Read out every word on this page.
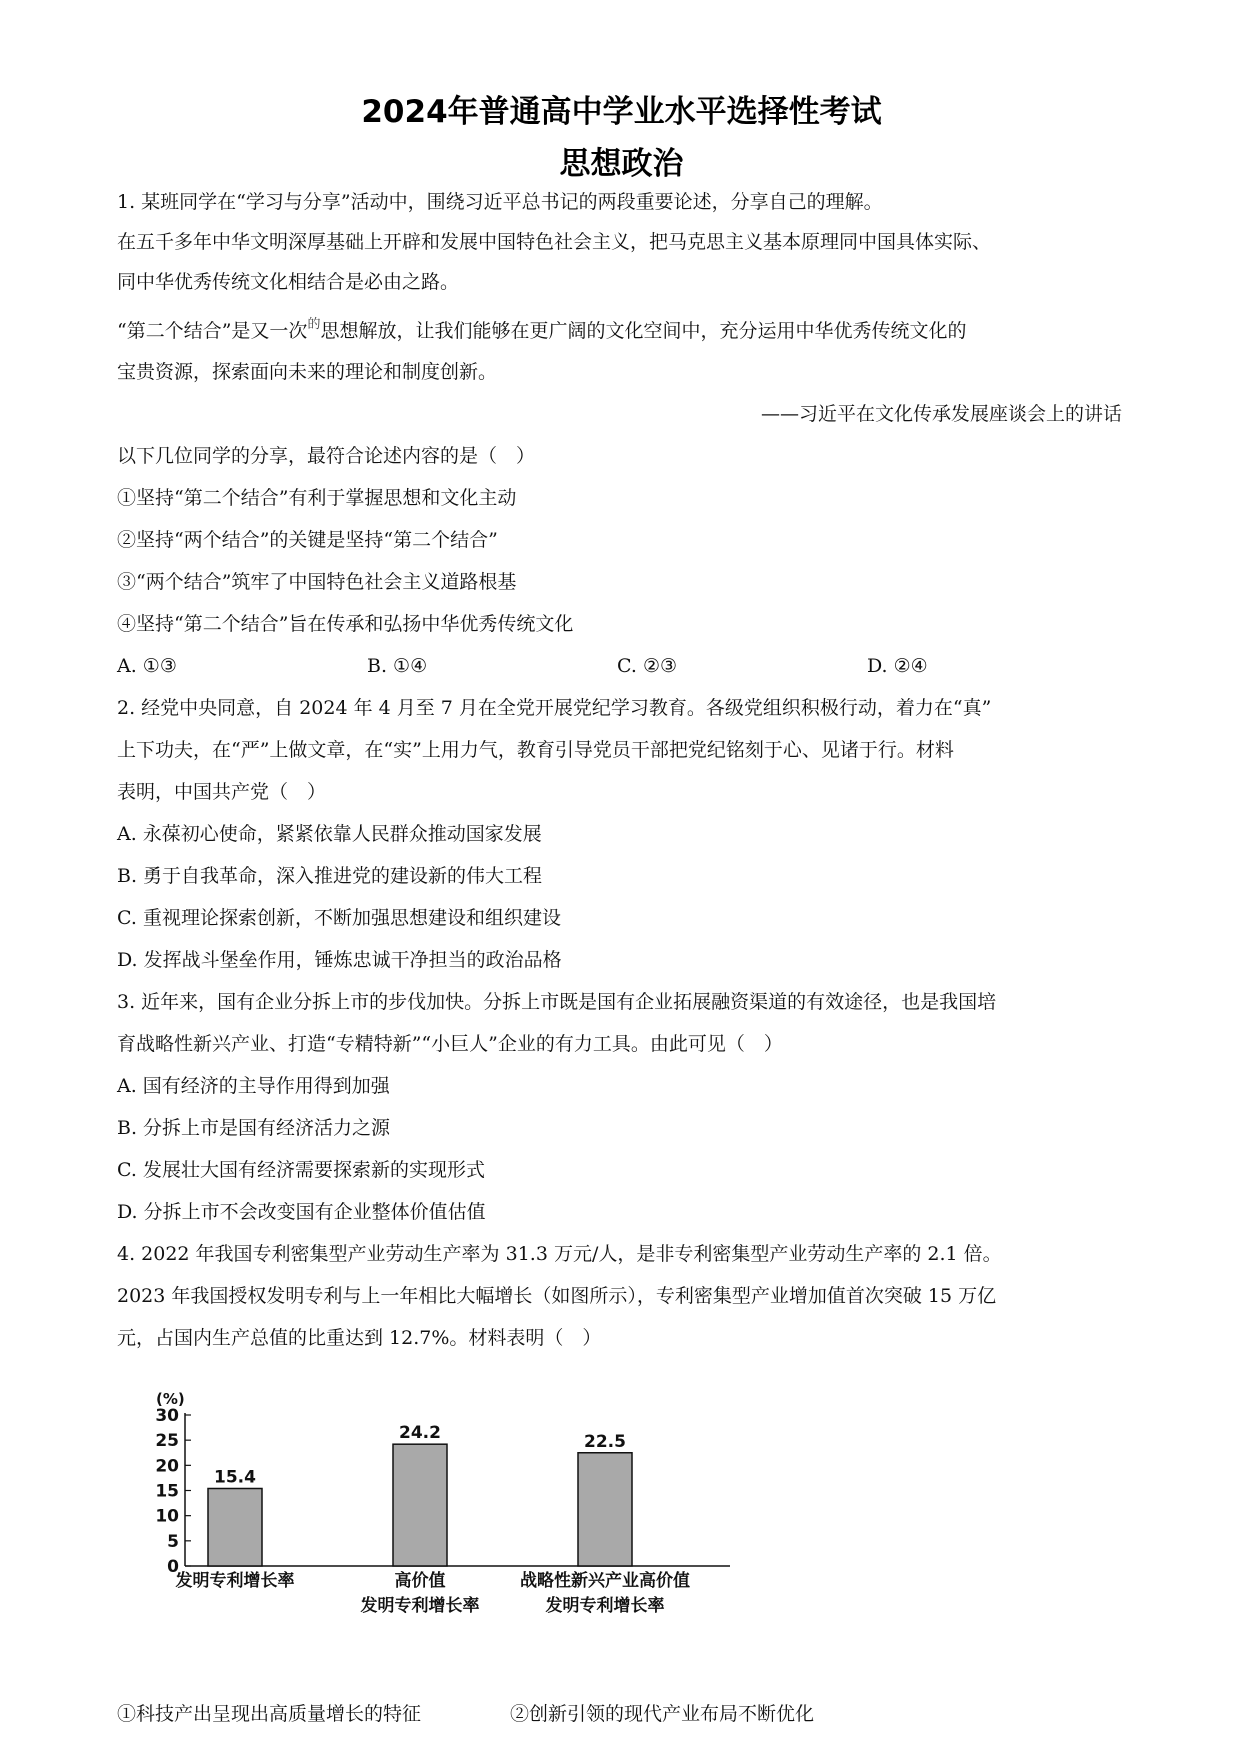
2024年普通高中学业水平选择性考试
思想政治
1. 某班同学在“学习与分享”活动中，围绕习近平总书记的两段重要论述，分享自己的理解。
在五千多年中华文明深厚基础上开辟和发展中国特色社会主义，把马克思主义基本原理同中国具体实际、
同中华优秀传统文化相结合是必由之路。
“第二个结合”是又一次$^的$思想解放，让我们能够在更广阔的文化空间中，充分运用中华优秀传统文化的
宝贵资源，探索面向未来的理论和制度创新。
——习近平在文化传承发展座谈会上的讲话
以下几位同学的分享，最符合论述内容的是（　）
①坚持“第二个结合”有利于掌握思想和文化主动
②坚持“两个结合”的关键是坚持“第二个结合”
③“两个结合”筑牢了中国特色社会主义道路根基
④坚持“第二个结合”旨在传承和弘扬中华优秀传统文化
A. ①③	B. ①④	C. ②③	D. ②④
2. 经党中央同意，自 2024 年 4 月至 7 月在全党开展党纪学习教育。各级党组织积极行动，着力在“真”
上下功夫，在“严”上做文章，在“实”上用力气，教育引导党员干部把党纪铭刻于心、见诸于行。材料
表明，中国共产党（　）
A. 永葆初心使命，紧紧依靠人民群众推动国家发展
B. 勇于自我革命，深入推进党的建设新的伟大工程
C. 重视理论探索创新，不断加强思想建设和组织建设
D. 发挥战斗堡垒作用，锤炼忠诚干净担当的政治品格
3. 近年来，国有企业分拆上市的步伐加快。分拆上市既是国有企业拓展融资渠道的有效途径，也是我国培
育战略性新兴产业、打造“专精特新”“小巨人”企业的有力工具。由此可见（　）
A. 国有经济的主导作用得到加强
B. 分拆上市是国有经济活力之源
C. 发展壮大国有经济需要探索新的实现形式
D. 分拆上市不会改变国有企业整体价值估值
4. 2022 年我国专利密集型产业劳动生产率为 31.3 万元/人，是非专利密集型产业劳动生产率的 2.1 倍。
2023 年我国授权发明专利与上一年相比大幅增长（如图所示），专利密集型产业增加值首次突破 15 万亿
元，占国内生产总值的比重达到 12.7%。材料表明（　）
(%)
0
5
10
15
20
25
30
15.4
发明专利增长率
24.2
高价值
发明专利增长率
22.5
战略性新兴产业高价值
发明专利增长率
①科技产出呈现出高质量增长的特征	②创新引领的现代产业布局不断优化
